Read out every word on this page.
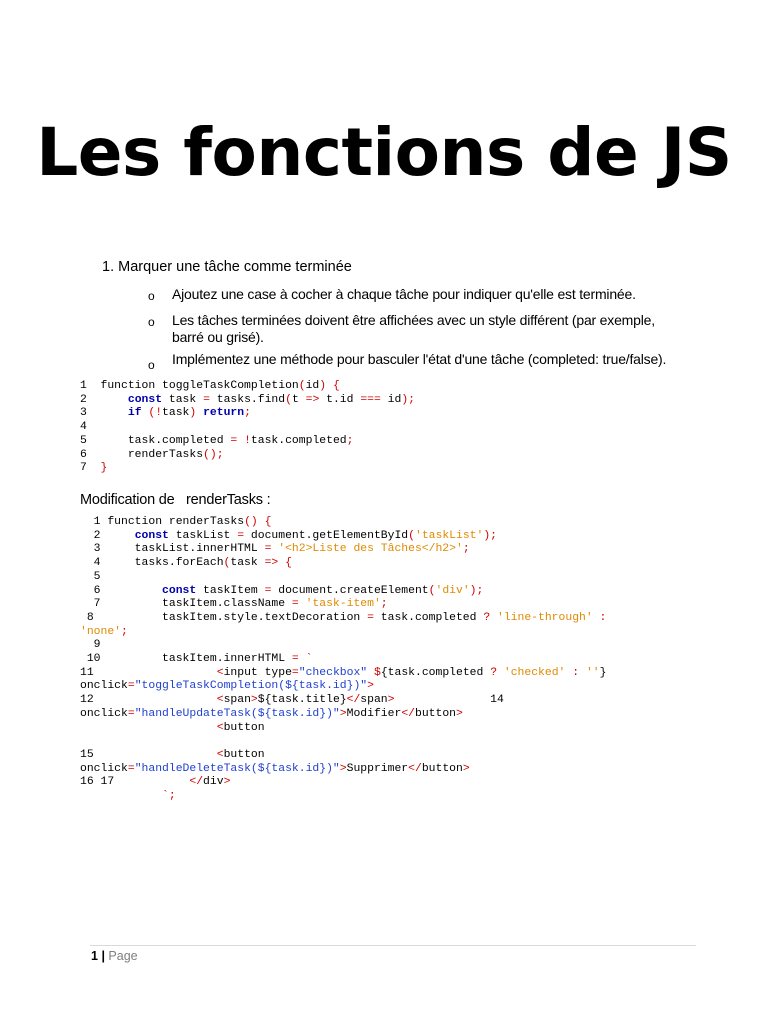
Les fonctions de JS
1. Marquer une tâche comme terminée
o Ajoutez une case à cocher à chaque tâche pour indiquer qu'elle est terminée.
o Les tâches terminées doivent être affichées avec un style différent (par exemple, barré ou grisé).
o Implémentez une méthode pour basculer l'état d'une tâche (completed: true/false).
1  function toggleTaskCompletion(id) {
2      const task = tasks.find(t => t.id === id);
3      if (!task) return;
4
5      task.completed = !task.completed;
6      renderTasks();
7  }
Modification de   renderTasks :
1 function renderTasks() {
2     const taskList = document.getElementById('taskList');
3     taskList.innerHTML = '<h2>Liste des Tâches</h2>';
4     tasks.forEach(task => {
5
6         const taskItem = document.createElement('div');
7         taskItem.className = 'task-item';
8          taskItem.style.textDecoration = task.completed ? 'line-through' :
'none';
9
10         taskItem.innerHTML = `
11                  <input type="checkbox" ${task.completed ? 'checked' : ''}
onclick="toggleTaskCompletion(${task.id})">
12                  <span>${task.title}</span>              14
onclick="handleUpdateTask(${task.id})">Modifier</button>
<button

15                  <button
onclick="handleDeleteTask(${task.id})">Supprimer</button>
16 17           </div>
`;
1 | Page
